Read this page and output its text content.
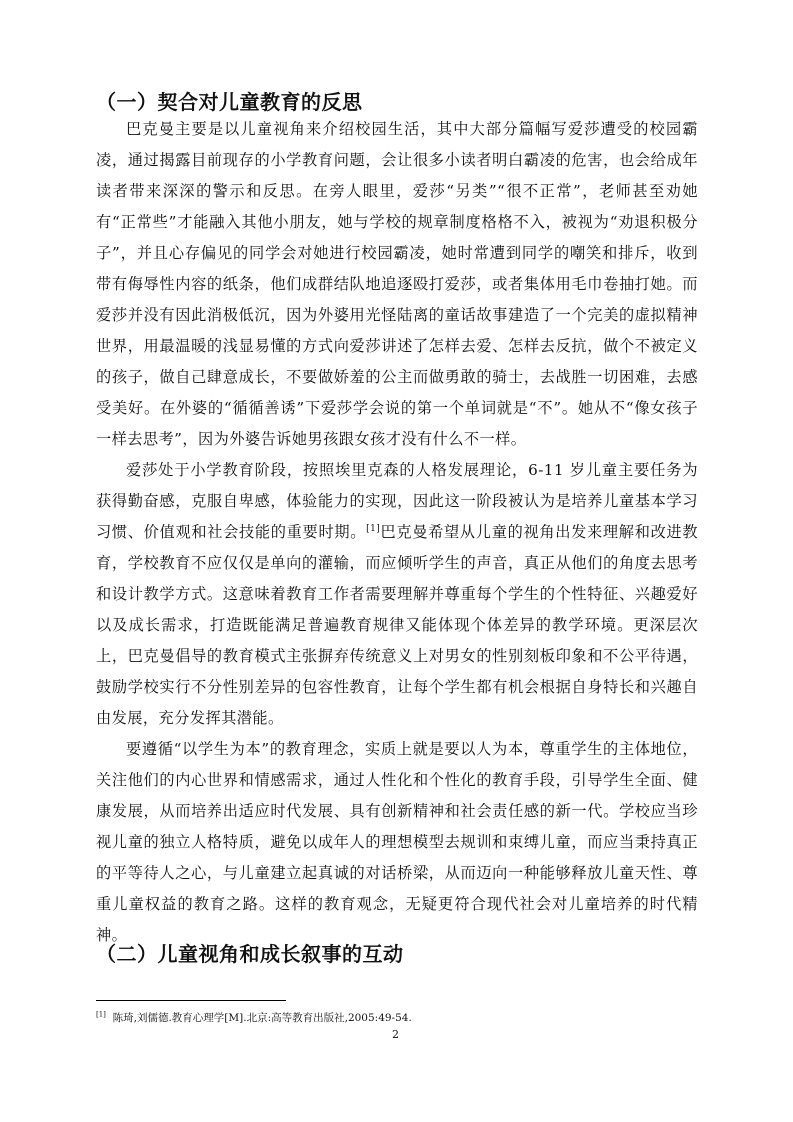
（一）契合对儿童教育的反思
巴克曼主要是以儿童视角来介绍校园生活，其中大部分篇幅写爱莎遭受的校园霸凌，通过揭露目前现存的小学教育问题，会让很多小读者明白霸凌的危害，也会给成年读者带来深深的警示和反思。在旁人眼里，爱莎“另类”“很不正常”，老师甚至劝她有“正常些”才能融入其他小朋友，她与学校的规章制度格格不入，被视为“劝退积极分子”，并且心存偏见的同学会对她进行校园霸凌，她时常遭到同学的嘲笑和排斥，收到带有侮辱性内容的纸条，他们成群结队地追逐殴打爱莎，或者集体用毛巾卷抽打她。而爱莎并没有因此消极低沉，因为外婆用光怪陆离的童话故事建造了一个完美的虚拟精神世界，用最温暖的浅显易懂的方式向爱莎讲述了怎样去爱、怎样去反抗，做个不被定义的孩子，做自己肆意成长，不要做娇羞的公主而做勇敢的骑士，去战胜一切困难，去感受美好。在外婆的“循循善诱”下爱莎学会说的第一个单词就是“不”。她从不“像女孩子一样去思考”，因为外婆告诉她男孩跟女孩才没有什么不一样。
爱莎处于小学教育阶段，按照埃里克森的人格发展理论，6-11 岁儿童主要任务为获得勤奋感，克服自卑感，体验能力的实现，因此这一阶段被认为是培养儿童基本学习习惯、价值观和社会技能的重要时期。[1]巴克曼希望从儿童的视角出发来理解和改进教育，学校教育不应仅仅是单向的灌输，而应倾听学生的声音，真正从他们的角度去思考和设计教学方式。这意味着教育工作者需要理解并尊重每个学生的个性特征、兴趣爱好以及成长需求，打造既能满足普遍教育规律又能体现个体差异的教学环境。更深层次上，巴克曼倡导的教育模式主张摒弃传统意义上对男女的性别刻板印象和不公平待遇，鼓励学校实行不分性别差异的包容性教育，让每个学生都有机会根据自身特长和兴趣自由发展，充分发挥其潜能。
要遵循“以学生为本”的教育理念，实质上就是要以人为本，尊重学生的主体地位，关注他们的内心世界和情感需求，通过人性化和个性化的教育手段，引导学生全面、健康发展，从而培养出适应时代发展、具有创新精神和社会责任感的新一代。学校应当珍视儿童的独立人格特质，避免以成年人的理想模型去规训和束缚儿童，而应当秉持真正的平等待人之心，与儿童建立起真诚的对话桥梁，从而迈向一种能够释放儿童天性、尊重儿童权益的教育之路。这样的教育观念，无疑更符合现代社会对儿童培养的时代精神。
（二）儿童视角和成长叙事的互动
[1] 陈琦,刘儒德.教育心理学[M].北京:高等教育出版社,2005:49-54.
2
